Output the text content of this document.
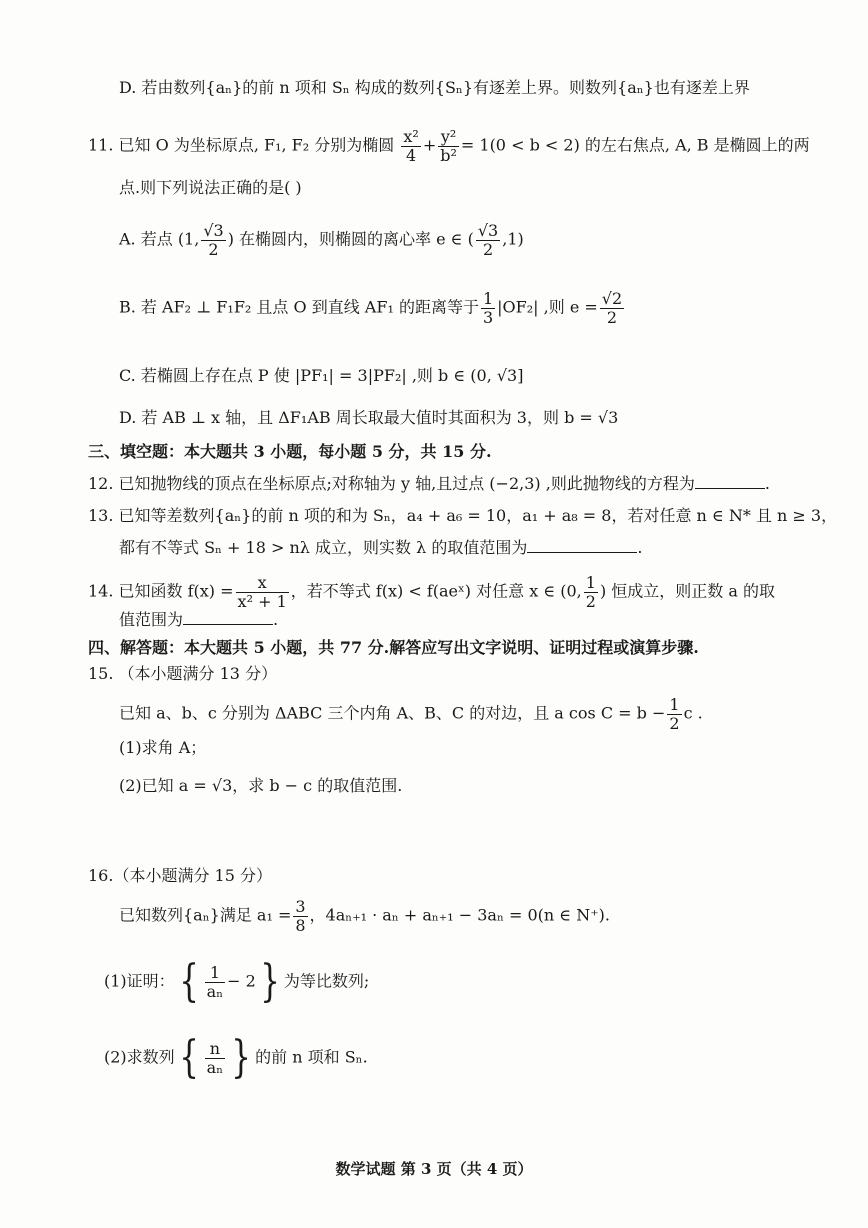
D. 若由数列{aₙ}的前 n 项和 Sₙ 构成的数列{Sₙ}有逐差上界。则数列{aₙ}也有逐差上界
11. 已知 O 为坐标原点, F₁, F₂ 分别为椭圆 $\frac{\text{x²}}{4} + \frac{\text{y²}}{\text{b²}} = 1(0 < b < 2)$ 的左右焦点, A, B 是椭圆上的两
点.则下列说法正确的是( )
A. 若点 (1, $\frac{√3}{2}$ ) 在椭圆内，则椭圆的离心率 e ∈ ( $\frac{√3}{2} ,1$)
B. 若 AF₂ ⊥ F₁F₂ 且点 O 到直线 AF₁ 的距离等于 $\frac{1}{3} |OF_2|$ ,则 $e = \frac{√2}{2}$
C. 若椭圆上存在点 P 使 |PF₁| = 3|PF₂| ,则 b ∈ (0, √3]
D. 若 AB ⊥ x 轴，且 ΔF₁AB 周长取最大值时其面积为 3，则 b = √3
三、填空题：本大题共 3 小题，每小题 5 分，共 15 分.
12. 已知抛物线的顶点在坐标原点;对称轴为 y 轴,且过点 (−2,3) ,则此抛物线的方程为	.
13. 已知等差数列{aₙ}的前 n 项的和为 Sₙ，a₄ + a₆ = 10，a₁ + a₈ = 8，若对任意 n ∈ N* 且 n ≥ 3，
都有不等式 Sₙ + 18 > nλ 成立，则实数 λ 的取值范围为	.
14. 已知函数 $f(x) = \frac{x}{\text{x² + 1}}$ ，若不等式 f(x) < f(aeˣ) 对任意 x ∈ (0, $\frac{1}{2}$ ) 恒成立，则正数 a 的取
值范围为	.
四、解答题：本大题共 5 小题，共 77 分.解答应写出文字说明、证明过程或演算步骤.
15. （本小题满分 13 分）
已知 a、b、c 分别为 ΔABC 三个内角 A、B、C 的对边，且 a $\cos C = b - \frac{1}{2}$ c .
(1)求角 A；
(2)已知 a = √3，求 b − c 的取值范围.
16.（本小题满分 15 分）
已知数列{aₙ}满足 $a_1 = \frac{3}{8}$ ，4aₙ₊₁ · aₙ + aₙ₊₁ − 3aₙ = 0(n ∈ N⁺).
(1)证明：{ $\frac{1}{\text{aₙ}} - 2$} 为等比数列;
(2)求数列{ $\frac{n}{\text{aₙ}}$ } 的前 n 项和 Sₙ.
数学试题 第 3 页（共 4 页）
